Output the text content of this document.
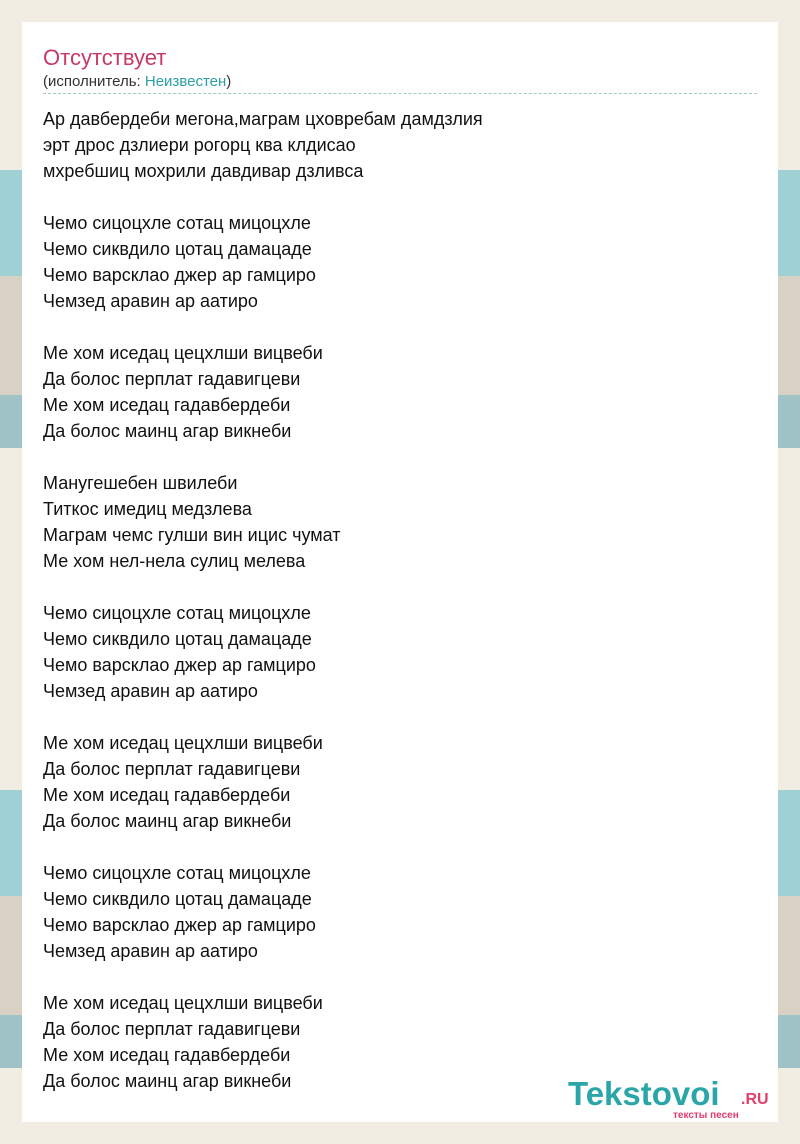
Отсутствует
(исполнитель: Неизвестен)
Ар давбердеби мегона,маграм цховребам дамдзлия
эрт дрос дзлиери рогорц ква клдисао
мхребшиц мохрили давдивар дзливса
Чемо сицоцхле сотац мицоцхле
Чемо сиквдило цотац дамацаде
Чемо варсклао джер ар гамциро
Чемзед аравин ар аатиро
Ме хом иседац цецхлши вицвеби
Да болос перплат гадавигцеви
Ме хом иседац гадавбердеби
Да болос маинц агар викнеби
Манугешебен швилеби
Титкос имедиц медзлева
Маграм чемс гулши вин ицис чумат
Ме хом нел-нела сулиц мелева
Чемо сицоцхле сотац мицоцхле
Чемо сиквдило цотац дамацаде
Чемо варсклао джер ар гамциро
Чемзед аравин ар аатиро
Ме хом иседац цецхлши вицвеби
Да болос перплат гадавигцеви
Ме хом иседац гадавбердеби
Да болос маинц агар викнеби
Чемо сицоцхле сотац мицоцхле
Чемо сиквдило цотац дамацаде
Чемо варсклао джер ар гамциро
Чемзед аравин ар аатиро
Ме хом иседац цецхлши вицвеби
Да болос перплат гадавигцеви
Ме хом иседац гадавбердеби
Да болос маинц агар викнеби	Tekstovoi .RU
тексты песен
